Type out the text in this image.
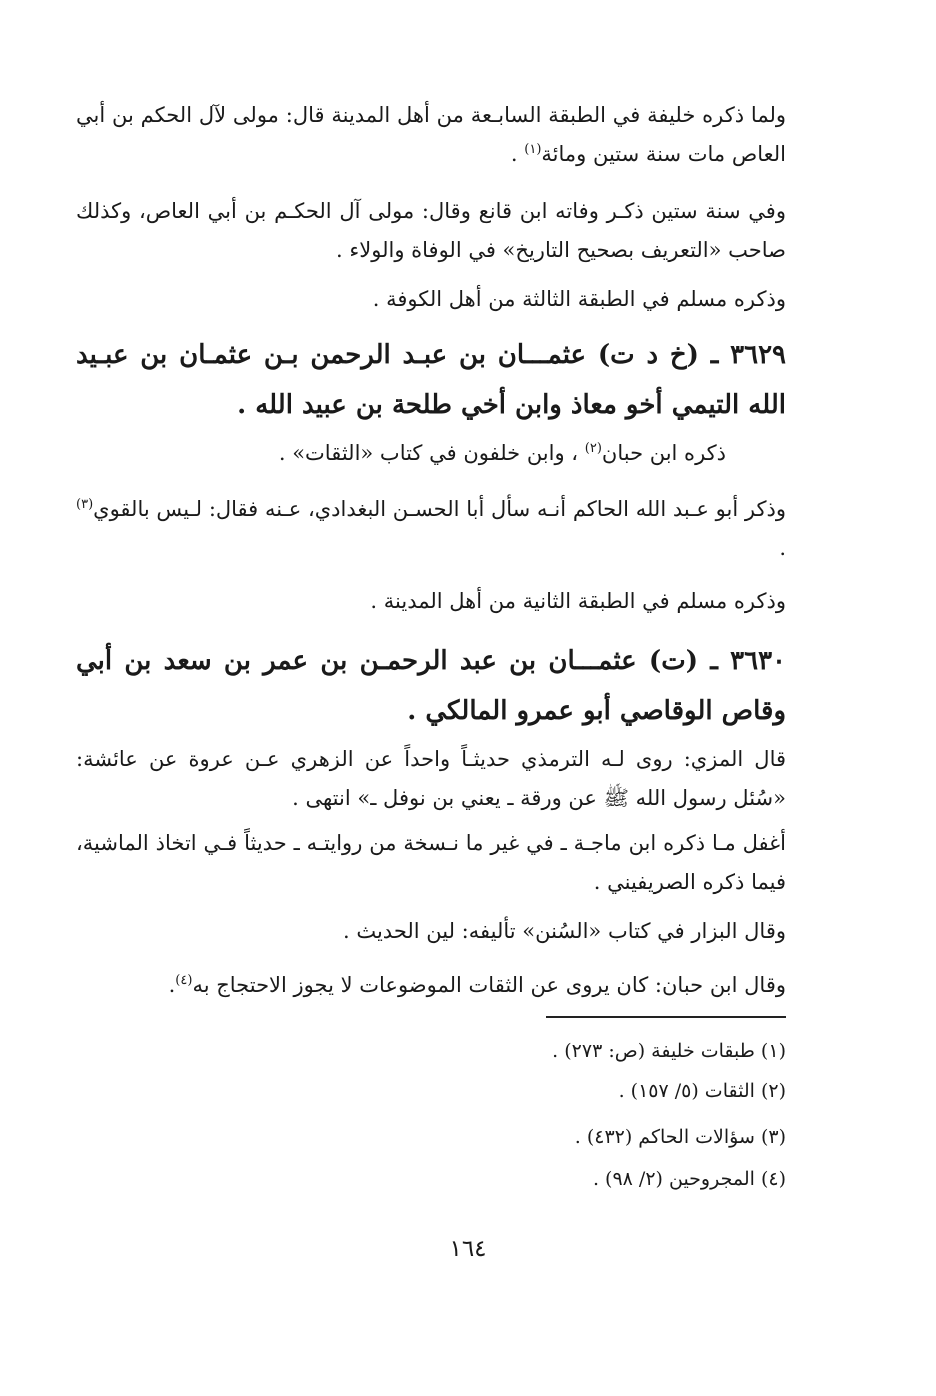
ولما ذكره خليفة في الطبقة السابـعة من أهل المدينة قال: مولى لآل الحكم بن أبي العاص مات سنة ستين ومائة$^{(١)}$ .

وفي سنة ستين ذكـر وفاته ابن قانع وقال: مولى آل الحكـم بن أبي العاص، وكذلك صاحب «التعريف بصحيح التاريخ» في الوفاة والولاء .

وذكره مسلم في الطبقة الثالثة من أهل الكوفة .

٣٦٢٩ ـ (خ د ت) عثمـــان بن عبـد الرحمن بـن عثمـان بن عبـيد الله التيمي أخو معاذ وابن أخي طلحة بن عبيد الله .

ذكره ابن حبان$^{(٢)}$ ، وابن خلفون في كتاب «الثقات» .

وذكر أبو عـبد الله الحاكم أنـه سأل أبا الحسـن البغدادي، عـنه فقال: لـيس بالقوي$^{(٣)}$ .

وذكره مسلم في الطبقة الثانية من أهل المدينة .

٣٦٣٠ ـ (ت) عثمـــان بن عبد الرحمـن بن عمر بن سعد بن أبي وقاص الوقاصي أبو عمرو المالكي .

قال المزي: روى لـه الترمذي حديثـاً واحداً عن الزهري عـن عروة عن عائشة: «سُئل رسول الله ﷺ عن ورقة ـ يعني بن نوفل ـ» انتهى .

أغفل مـا ذكره ابن ماجـة ـ في غير ما نـسخة من روايتـه ـ حديثاً فـي اتخاذ الماشية، فيما ذكره الصريفيني .

وقال البزار في كتاب «السُنن» تأليفه: لين الحديث .

وقال ابن حبان: كان يروى عن الثقات الموضوعات لا يجوز الاحتجاج به$^{(٤)}$.

(١) طبقات خليفة (ص: ٢٧٣) .
(٢) الثقات (٥/ ١٥٧) .
(٣) سؤالات الحاكم (٤٣٢) .
(٤) المجروحين (٢/ ٩٨) .
١٦٤
